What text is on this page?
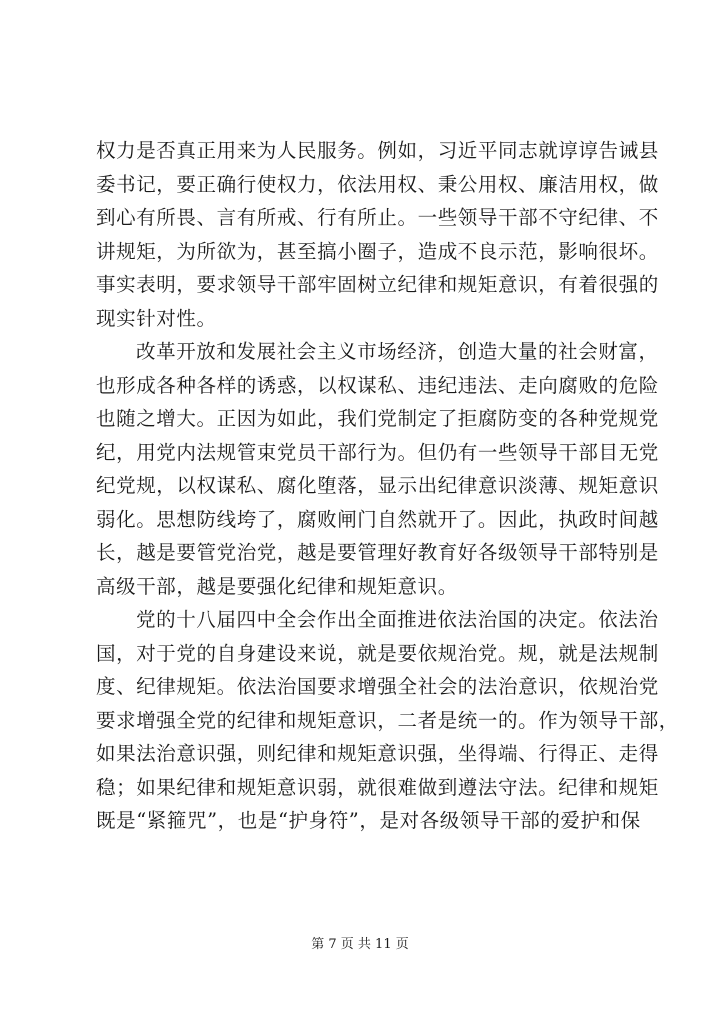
权力是否真正用来为人民服务。例如，习近平同志就谆谆告诫县
委书记，要正确行使权力，依法用权、秉公用权、廉洁用权，做
到心有所畏、言有所戒、行有所止。一些领导干部不守纪律、不
讲规矩，为所欲为，甚至搞小圈子，造成不良示范，影响很坏。
事实表明，要求领导干部牢固树立纪律和规矩意识，有着很强的
现实针对性。
改革开放和发展社会主义市场经济，创造大量的社会财富，
也形成各种各样的诱惑，以权谋私、违纪违法、走向腐败的危险
也随之增大。正因为如此，我们党制定了拒腐防变的各种党规党
纪，用党内法规管束党员干部行为。但仍有一些领导干部目无党
纪党规，以权谋私、腐化堕落，显示出纪律意识淡薄、规矩意识
弱化。思想防线垮了，腐败闸门自然就开了。因此，执政时间越
长，越是要管党治党，越是要管理好教育好各级领导干部特别是
高级干部，越是要强化纪律和规矩意识。
党的十八届四中全会作出全面推进依法治国的决定。依法治
国，对于党的自身建设来说，就是要依规治党。规，就是法规制
度、纪律规矩。依法治国要求增强全社会的法治意识，依规治党
要求增强全党的纪律和规矩意识，二者是统一的。作为领导干部，
如果法治意识强，则纪律和规矩意识强，坐得端、行得正、走得
稳；如果纪律和规矩意识弱，就很难做到遵法守法。纪律和规矩
既是“紧箍咒”，也是“护身符”，是对各级领导干部的爱护和保
第 7 页 共 11 页
